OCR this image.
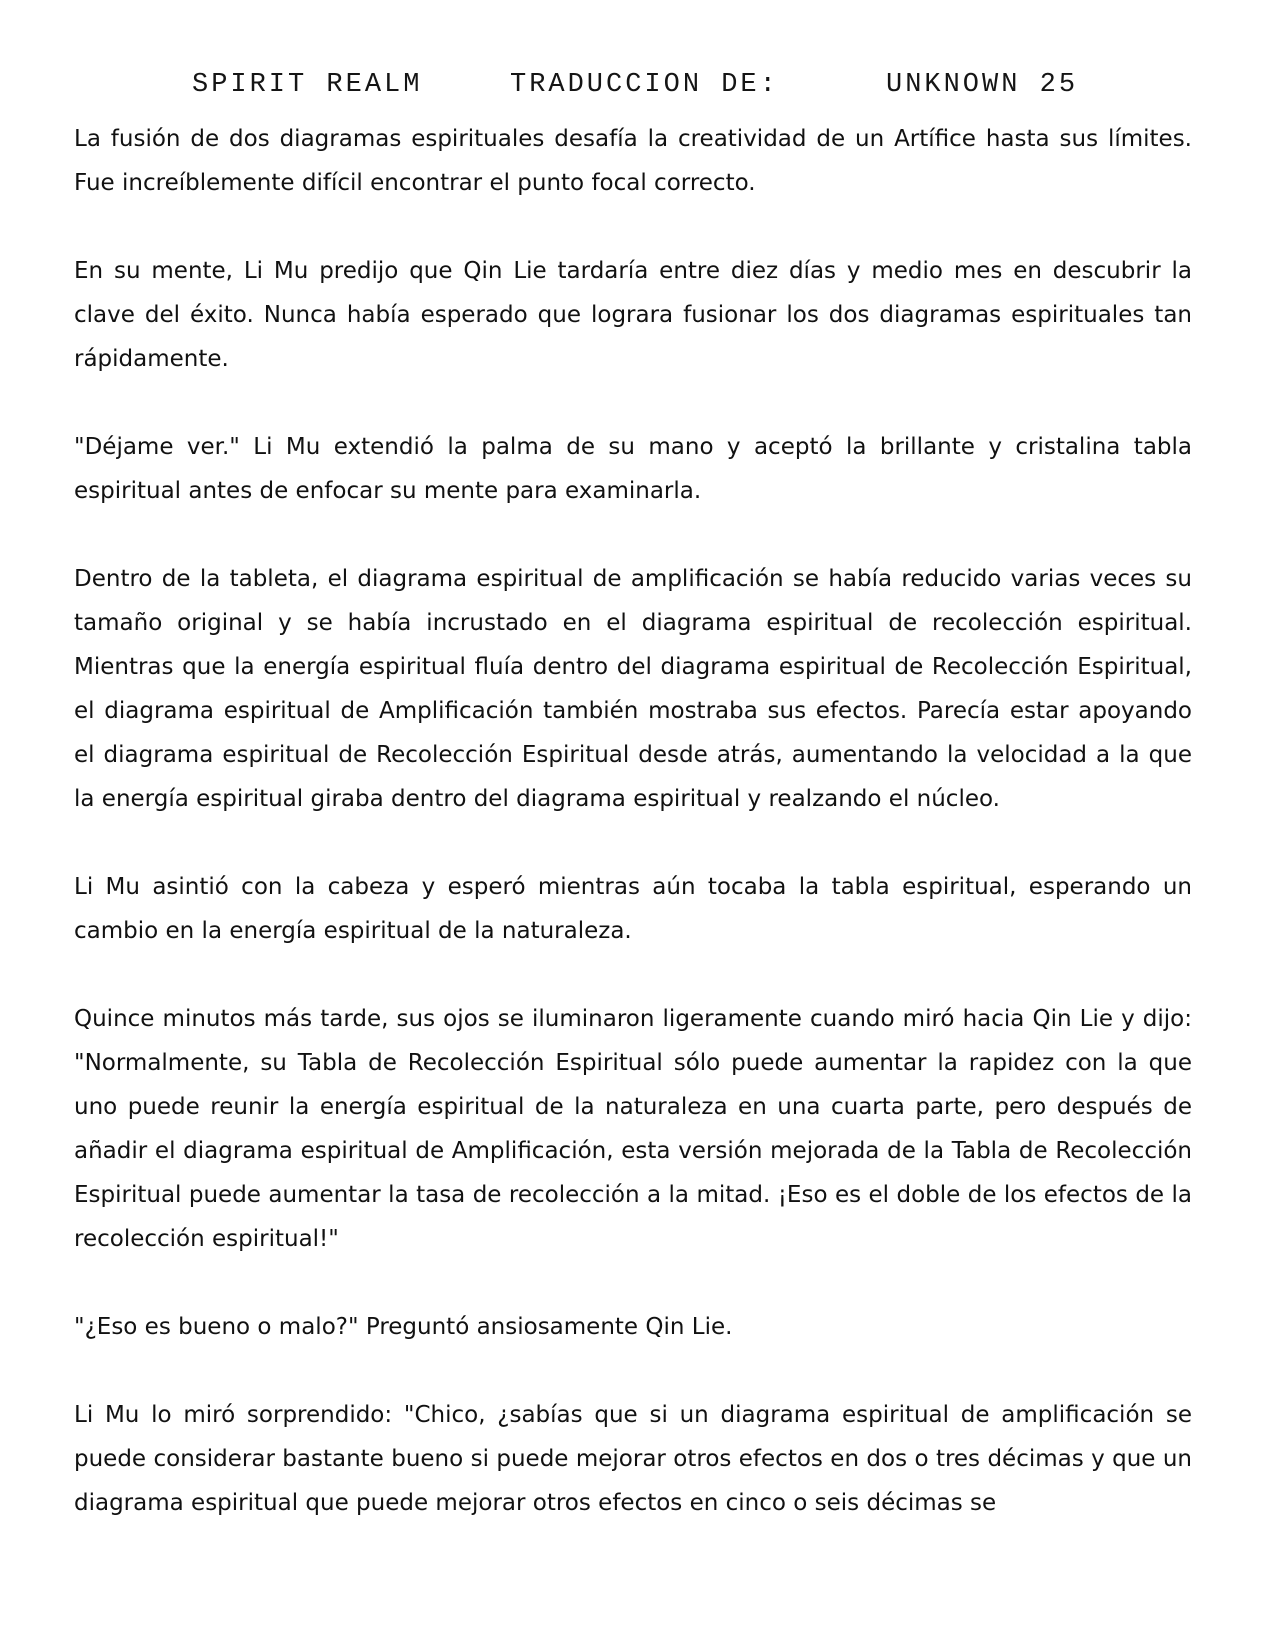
SPIRIT REALM	TRADUCCION DE:	UNKNOWN 25

La fusión de dos diagramas espirituales desafía la creatividad de un Artífice hasta sus límites. Fue increíblemente difícil encontrar el punto focal correcto.

En su mente, Li Mu predijo que Qin Lie tardaría entre diez días y medio mes en descubrir la clave del éxito. Nunca había esperado que lograra fusionar los dos diagramas espirituales tan rápidamente.

"Déjame ver." Li Mu extendió la palma de su mano y aceptó la brillante y cristalina tabla espiritual antes de enfocar su mente para examinarla.

Dentro de la tableta, el diagrama espiritual de amplificación se había reducido varias veces su tamaño original y se había incrustado en el diagrama espiritual de recolección espiritual. Mientras que la energía espiritual fluía dentro del diagrama espiritual de Recolección Espiritual, el diagrama espiritual de Amplificación también mostraba sus efectos. Parecía estar apoyando el diagrama espiritual de Recolección Espiritual desde atrás, aumentando la velocidad a la que la energía espiritual giraba dentro del diagrama espiritual y realzando el núcleo.

Li Mu asintió con la cabeza y esperó mientras aún tocaba la tabla espiritual, esperando un cambio en la energía espiritual de la naturaleza.

Quince minutos más tarde, sus ojos se iluminaron ligeramente cuando miró hacia Qin Lie y dijo: "Normalmente, su Tabla de Recolección Espiritual sólo puede aumentar la rapidez con la que uno puede reunir la energía espiritual de la naturaleza en una cuarta parte, pero después de añadir el diagrama espiritual de Amplificación, esta versión mejorada de la Tabla de Recolección Espiritual puede aumentar la tasa de recolección a la mitad. ¡Eso es el doble de los efectos de la recolección espiritual!"

"¿Eso es bueno o malo?" Preguntó ansiosamente Qin Lie.

Li Mu lo miró sorprendido: "Chico, ¿sabías que si un diagrama espiritual de amplificación se puede considerar bastante bueno si puede mejorar otros efectos en dos o tres décimas y que un diagrama espiritual que puede mejorar otros efectos en cinco o seis décimas se
